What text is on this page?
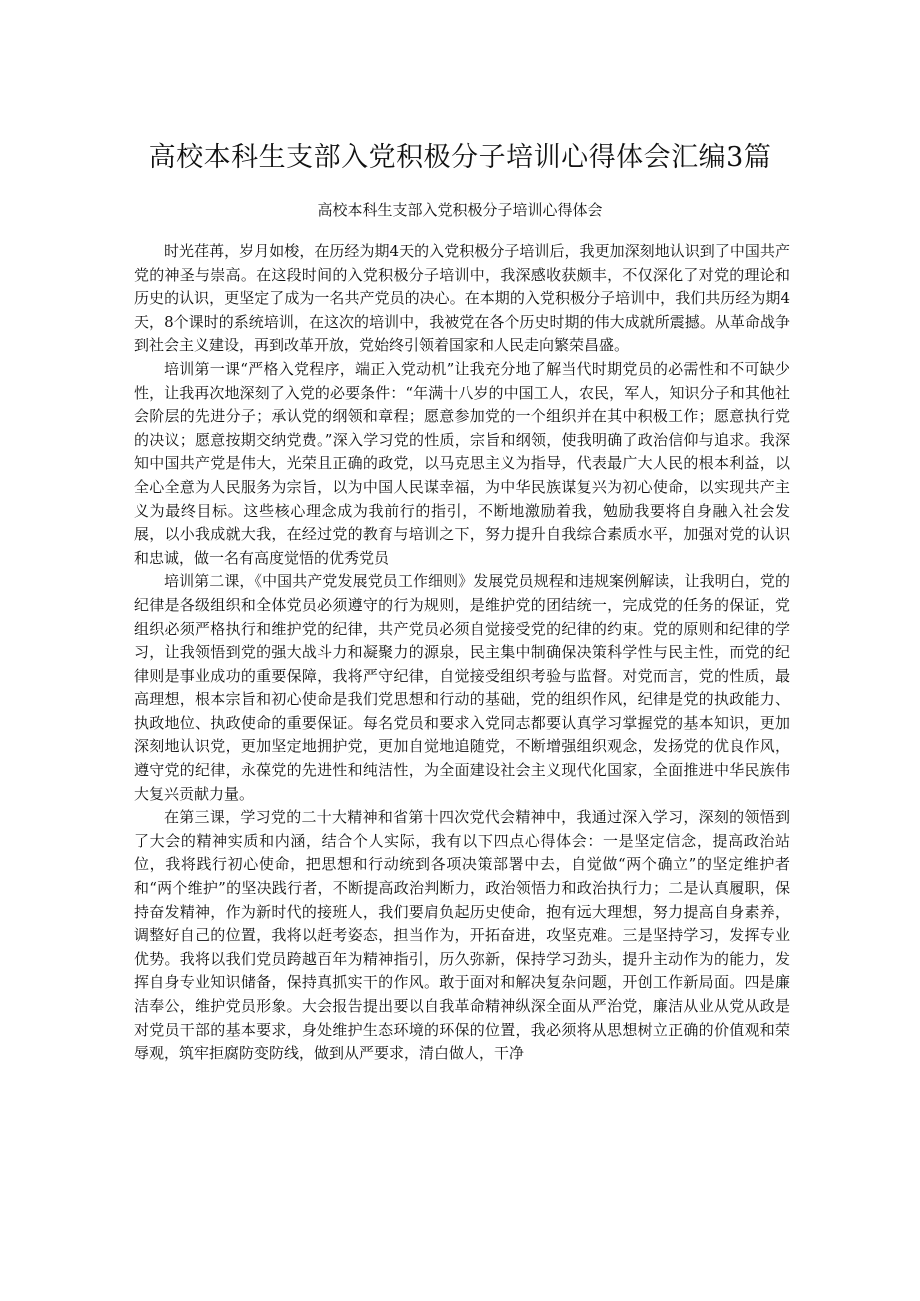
高校本科生支部入党积极分子培训心得体会汇编3篇
高校本科生支部入党积极分子培训心得体会

时光荏苒，岁月如梭，在历经为期4天的入党积极分子培训后，我更加深刻地认识到了中国共产党的神圣与崇高。在这段时间的入党积极分子培训中，我深感收获颇丰，不仅深化了对党的理论和历史的认识，更坚定了成为一名共产党员的决心。在本期的入党积极分子培训中，我们共历经为期4天，8个课时的系统培训，在这次的培训中，我被党在各个历史时期的伟大成就所震撼。从革命战争到社会主义建设，再到改革开放，党始终引领着国家和人民走向繁荣昌盛。

培训第一课“严格入党程序，端正入党动机”让我充分地了解当代时期党员的必需性和不可缺少性，让我再次地深刻了入党的必要条件：“年满十八岁的中国工人，农民，军人，知识分子和其他社会阶层的先进分子；承认党的纲领和章程；愿意参加党的一个组织并在其中积极工作；愿意执行党的决议；愿意按期交纳党费。”深入学习党的性质，宗旨和纲领，使我明确了政治信仰与追求。我深知中国共产党是伟大，光荣且正确的政党，以马克思主义为指导，代表最广大人民的根本利益，以全心全意为人民服务为宗旨，以为中国人民谋幸福，为中华民族谋复兴为初心使命，以实现共产主义为最终目标。这些核心理念成为我前行的指引，不断地激励着我，勉励我要将自身融入社会发展，以小我成就大我，在经过党的教育与培训之下，努力提升自我综合素质水平，加强对党的认识和忠诚，做一名有高度觉悟的优秀党员

培训第二课，《中国共产党发展党员工作细则》发展党员规程和违规案例解读，让我明白，党的纪律是各级组织和全体党员必须遵守的行为规则，是维护党的团结统一，完成党的任务的保证，党组织必须严格执行和维护党的纪律，共产党员必须自觉接受党的纪律的约束。党的原则和纪律的学习，让我领悟到党的强大战斗力和凝聚力的源泉，民主集中制确保决策科学性与民主性，而党的纪律则是事业成功的重要保障，我将严守纪律，自觉接受组织考验与监督。对党而言，党的性质，最高理想，根本宗旨和初心使命是我们党思想和行动的基础，党的组织作风，纪律是党的执政能力、执政地位、执政使命的重要保证。每名党员和要求入党同志都要认真学习掌握党的基本知识，更加深刻地认识党，更加坚定地拥护党，更加自觉地追随党，不断增强组织观念，发扬党的优良作风，遵守党的纪律，永葆党的先进性和纯洁性，为全面建设社会主义现代化国家，全面推进中华民族伟大复兴贡献力量。

在第三课，学习党的二十大精神和省第十四次党代会精神中，我通过深入学习，深刻的领悟到了大会的精神实质和内涵，结合个人实际，我有以下四点心得体会：一是坚定信念，提高政治站位，我将践行初心使命，把思想和行动统到各项决策部署中去，自觉做“两个确立”的坚定维护者和“两个维护”的坚决践行者，不断提高政治判断力，政治领悟力和政治执行力；二是认真履职，保持奋发精神，作为新时代的接班人，我们要肩负起历史使命，抱有远大理想，努力提高自身素养，调整好自己的位置，我将以赶考姿态，担当作为，开拓奋进，攻坚克难。三是坚持学习，发挥专业优势。我将以我们党员跨越百年为精神指引，历久弥新，保持学习劲头，提升主动作为的能力，发挥自身专业知识储备，保持真抓实干的作风。敢于面对和解决复杂问题，开创工作新局面。四是廉洁奉公，维护党员形象。大会报告提出要以自我革命精神纵深全面从严治党，廉洁从业从党从政是对党员干部的基本要求，身处维护生态环境的环保的位置，我必须将从思想树立正确的价值观和荣辱观，筑牢拒腐防变防线，做到从严要求，清白做人，干净
